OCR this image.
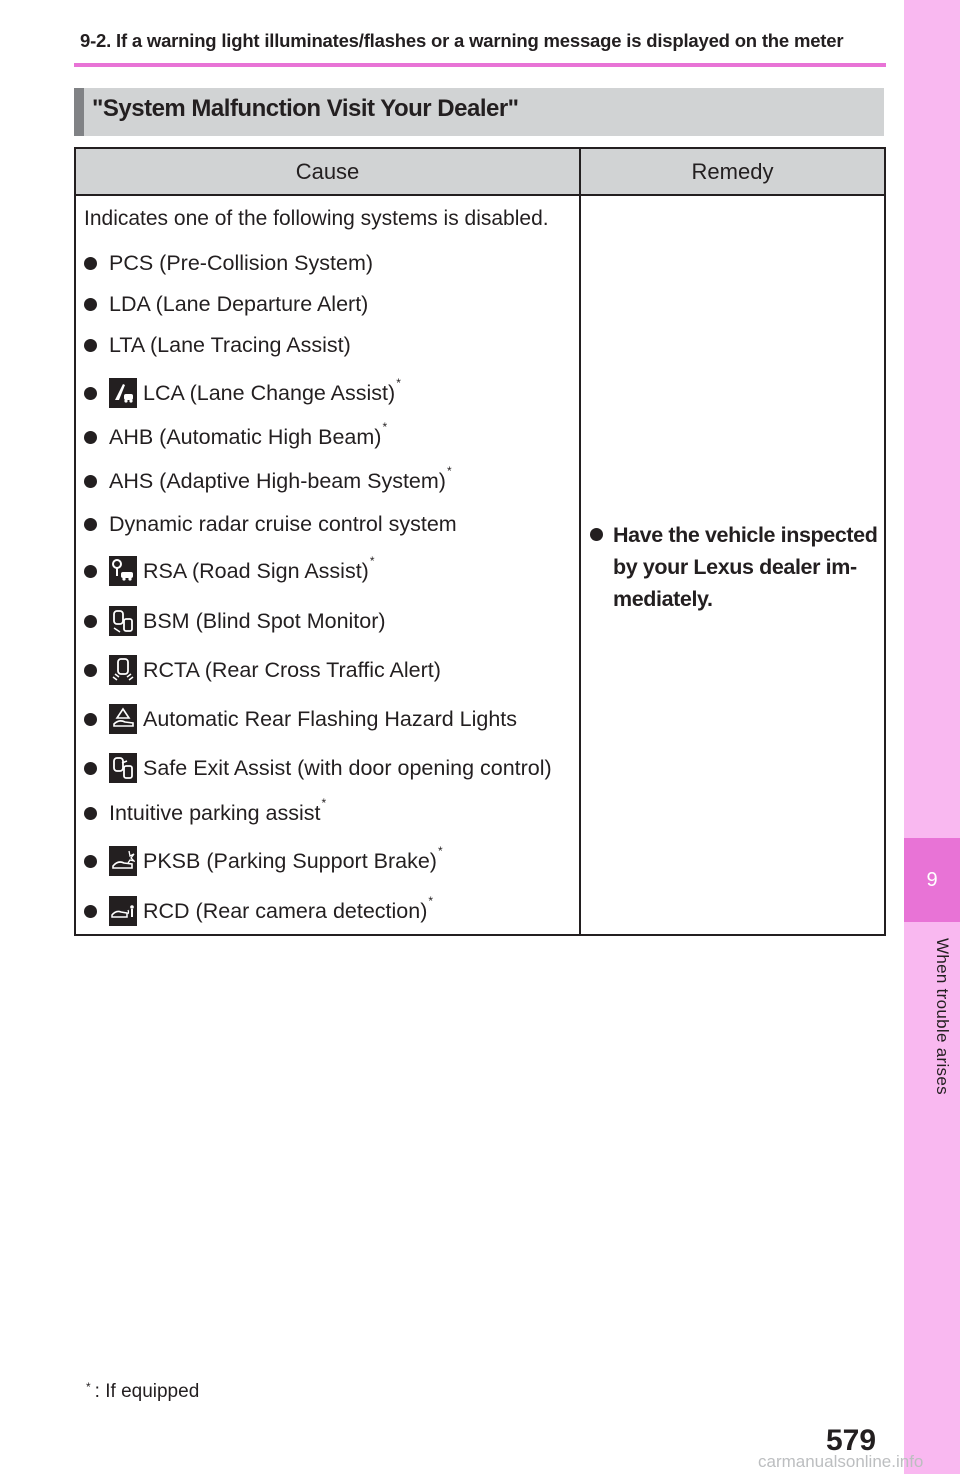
9
When trouble arises
9-2. If a warning light illuminates/flashes or a warning message is displayed on the meter
"System Malfunction Visit Your Dealer"
Cause	Remedy
Indicates one of the following systems is disabled.
PCS (Pre-Collision System)
LDA (Lane Departure Alert)
LTA (Lane Tracing Assist)
LCA (Lane Change Assist) *
AHB (Automatic High Beam) *
AHS (Adaptive High-beam System) *
Dynamic radar cruise control system
RSA (Road Sign Assist) *
BSM (Blind Spot Monitor)
RCTA (Rear Cross Traffic Alert)
Automatic Rear Flashing Hazard Lights
Safe Exit Assist (with door opening control)
Intuitive parking assist *
PKSB (Parking Support Brake) *
RCD (Rear camera detection) *
Have the vehicle inspected by your Lexus dealer im-mediately.
* : If equipped
579
carmanualsonline.info
